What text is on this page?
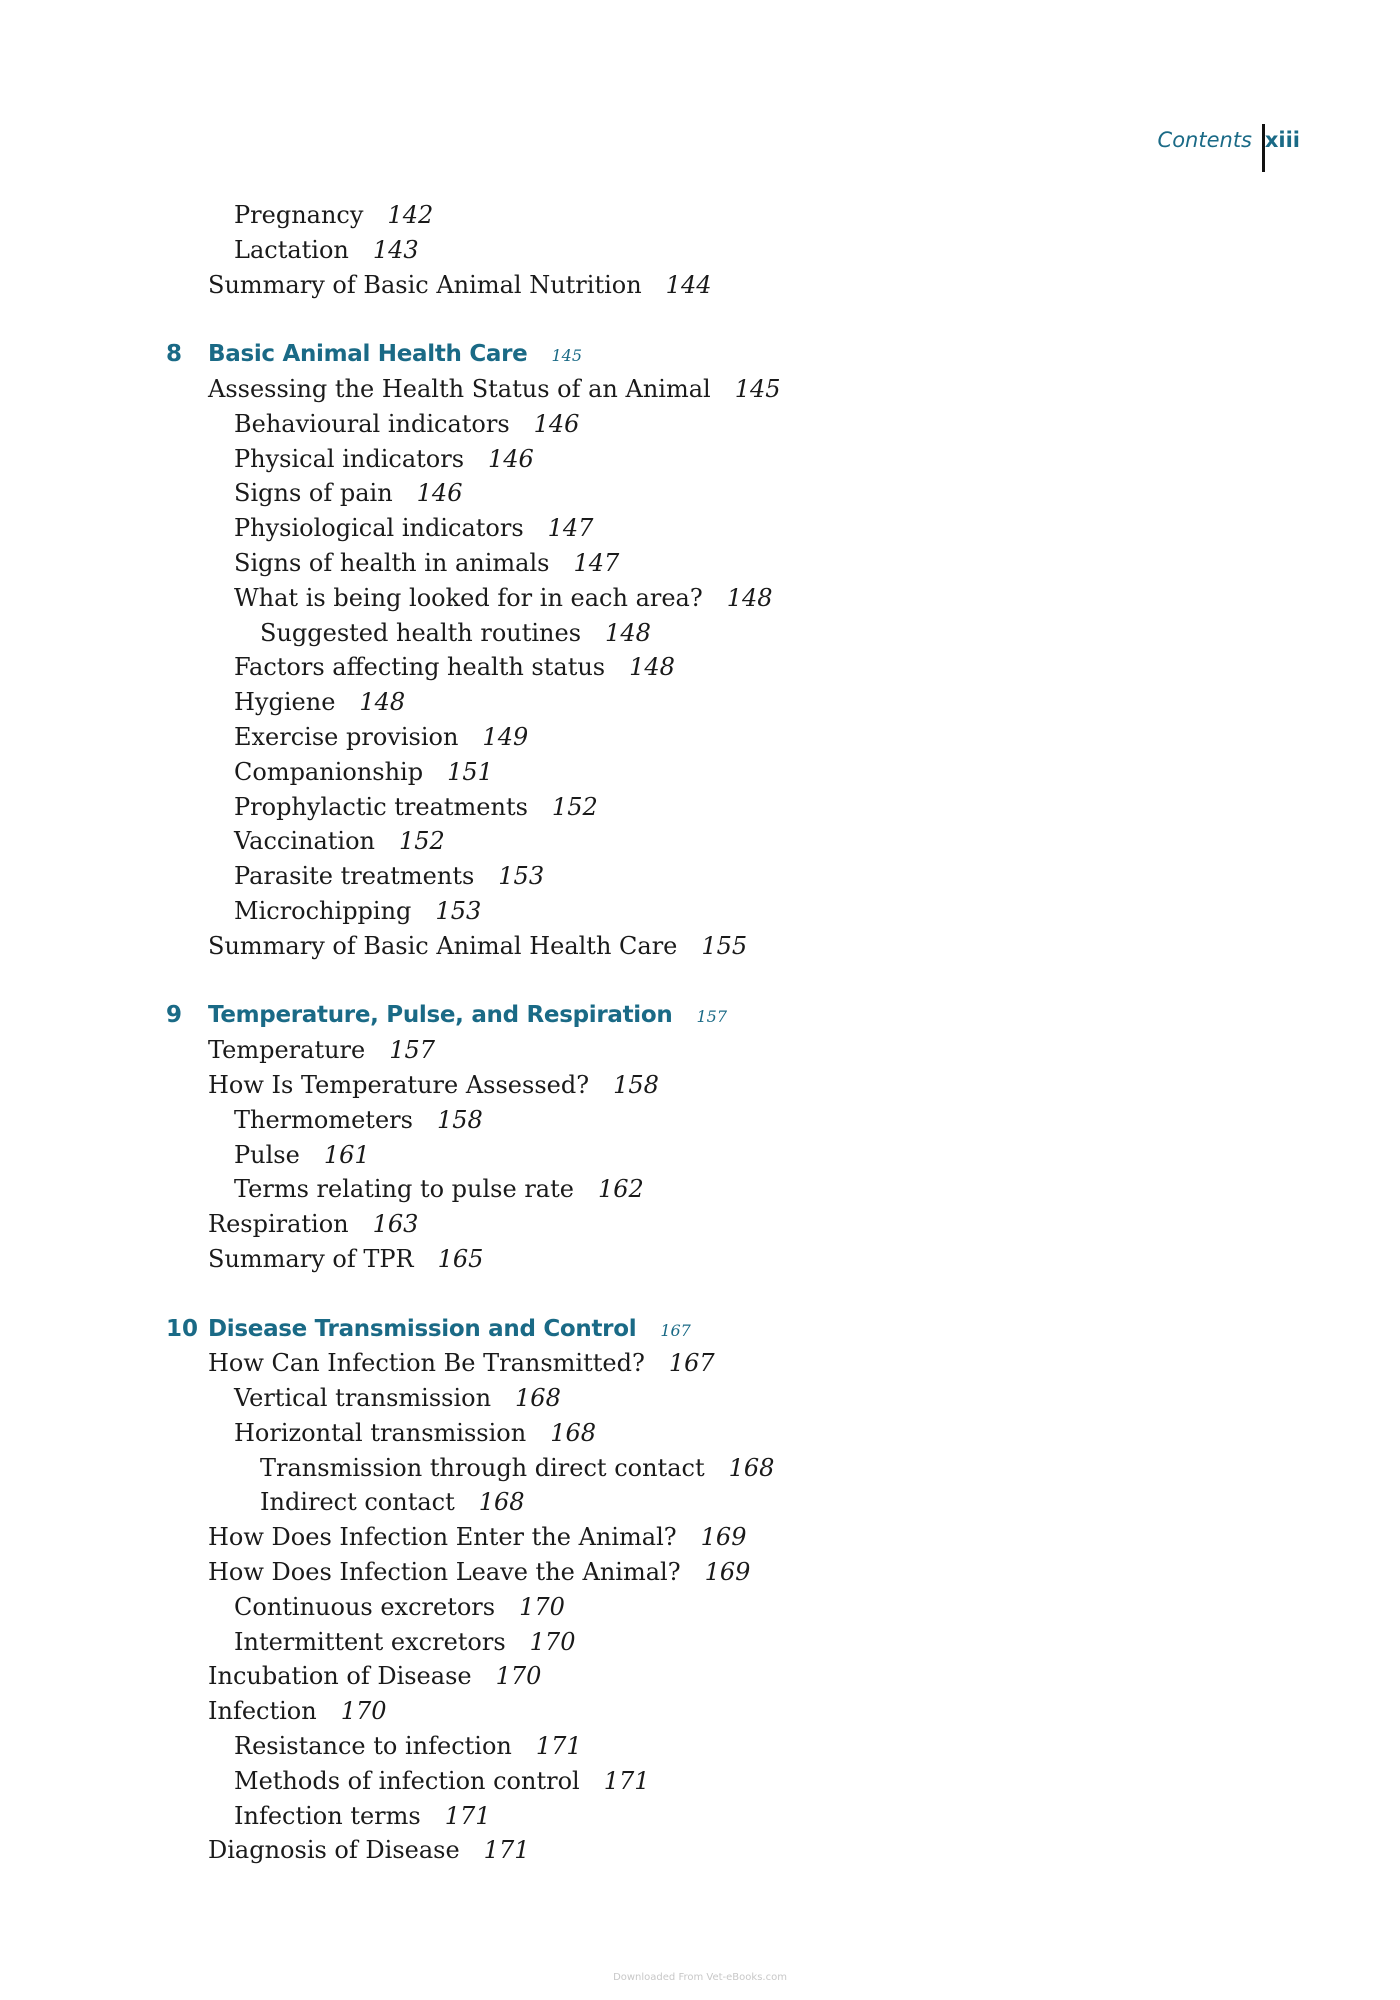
Contents xiii
Pregnancy 142
Lactation 143
Summary of Basic Animal Nutrition 144
8 Basic Animal Health Care 145
Assessing the Health Status of an Animal 145
Behavioural indicators 146
Physical indicators 146
Signs of pain 146
Physiological indicators 147
Signs of health in animals 147
What is being looked for in each area? 148
Suggested health routines 148
Factors affecting health status 148
Hygiene 148
Exercise provision 149
Companionship 151
Prophylactic treatments 152
Vaccination 152
Parasite treatments 153
Microchipping 153
Summary of Basic Animal Health Care 155
9 Temperature, Pulse, and Respiration 157
Temperature 157
How Is Temperature Assessed? 158
Thermometers 158
Pulse 161
Terms relating to pulse rate 162
Respiration 163
Summary of TPR 165
10 Disease Transmission and Control 167
How Can Infection Be Transmitted? 167
Vertical transmission 168
Horizontal transmission 168
Transmission through direct contact 168
Indirect contact 168
How Does Infection Enter the Animal? 169
How Does Infection Leave the Animal? 169
Continuous excretors 170
Intermittent excretors 170
Incubation of Disease 170
Infection 170
Resistance to infection 171
Methods of infection control 171
Infection terms 171
Diagnosis of Disease 171
Downloaded From Vet-eBooks.com
